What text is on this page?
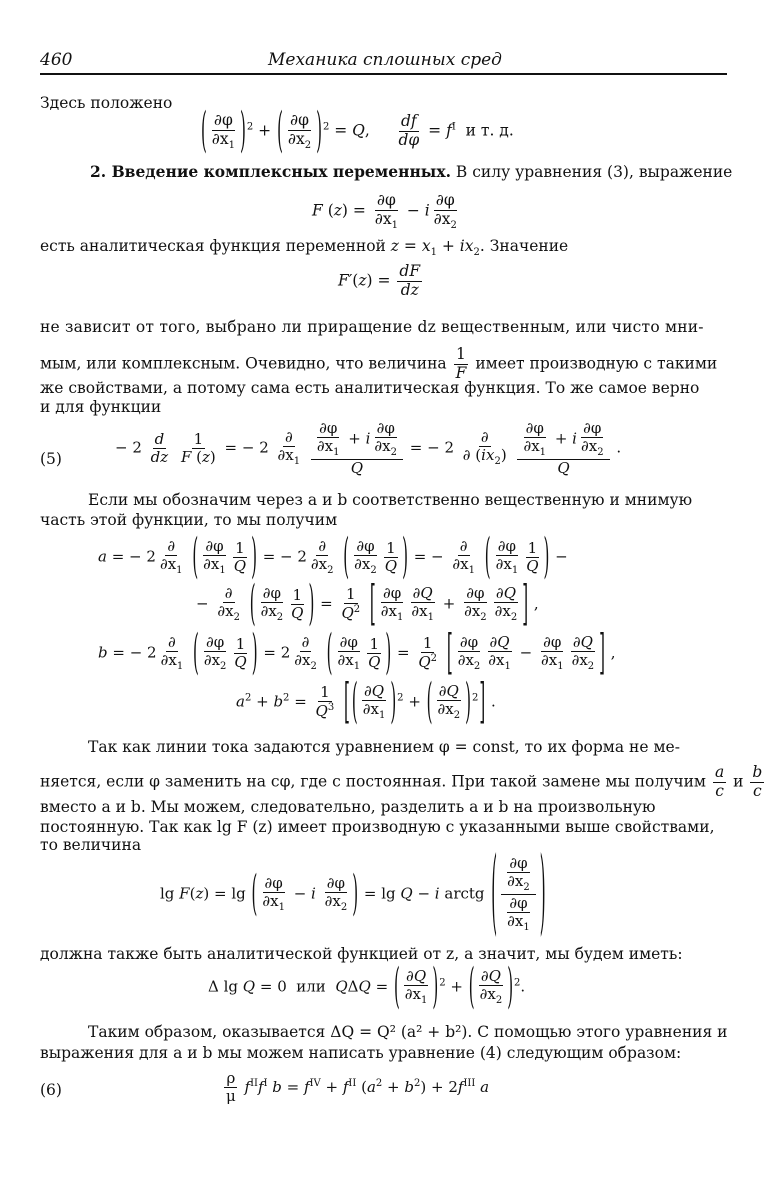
460	Механика сплошных сред
Здесь положено ( $\frac{\partial\varphi}{\partial x_1} )^2$ + ( $\frac{\partial\varphi}{\partial x_2} )^2 = Q$, $\frac{df}{d\varphi} = f^I$ и т. д.
2. Введение комплексных переменных. В силу уравнения (3), выражение
F $(z) = \frac{\partial\varphi}{\partial x_1} - i \frac{\partial\varphi}{\partial x_2}$
есть аналитическая функция переменной $z = x_1 + ix_2$. Значение
$F'(z) = \frac{dF}{dz}$
не зависит от того, выбрано ли приращение dz вещественным, или чисто мни-
мым, или комплексным. Очевидно, что величина $\frac{1}{F}$ имеет производную с такими
же свойствами, а потому сама есть аналитическая функция. То же самое верно
и для функции
(5)
− $2 \frac{d}{dz}$
$\frac{1}{F (z)}$ = − 2
∂
$\partial x_1$
$\frac{\frac{\partial\varphi}{\partial x_1} + i \frac{\partial\varphi}{\partial x_2}}{Q}$ = − 2
∂
∂ $(ix_2)$
$\frac{\frac{\partial\varphi}{\partial x_1} + i \frac{\partial\varphi}{\partial x_2}}{Q}$ .
Если мы обозначим через a и b соответственно вещественную и мнимую
часть этой функции, то мы получим
a = − 2
∂
$\partial x_1$ ( $\frac{\partial\varphi}{\partial x_1} \frac{1}{Q}$ ) = − 2
∂
$\partial x_2$ ( $\frac{\partial\varphi}{\partial x_2} \frac{1}{Q}$ ) = −
∂
$\partial x_1$ ( $\frac{\partial\varphi}{\partial x_1} \frac{1}{Q}$ ) −
−
∂
$\partial x_2$ ( $\frac{\partial\varphi}{\partial x_2} \frac{1}{Q}$ ) = $\frac{1}{Q^2}$ [ $\frac{\partial\varphi}{\partial x_1} \frac{\partial Q}{\partial x_1} + \frac{\partial\varphi}{\partial x_2} \frac{\partial Q}{\partial x_2}$ ] ,
b = − 2
∂
$\partial x_1$ ( $\frac{\partial\varphi}{\partial x_2} \frac{1}{Q}$ ) = 2
∂
$\partial x_2$ ( $\frac{\partial\varphi}{\partial x_1} \frac{1}{Q}$ ) = $\frac{1}{Q^2}$ [ $\frac{\partial\varphi}{\partial x_2} \frac{\partial Q}{\partial x_1} - \frac{\partial\varphi}{\partial x_1} \frac{\partial Q}{\partial x_2}$ ] ,
$a^2 + b^2 = \frac{1}{Q^3}$ [ ( $\frac{\partial Q}{\partial x_1} )^2$ + ( $\frac{\partial Q}{\partial x_2} )^2$] .
Так как линии тока задаются уравнением φ = const, то их форма не ме-
няется, если φ заменить на cφ, где c постоянная. При такой замене мы получим $\frac{a}{c}$ и $\frac{b}{c}$
вместо a и b. Мы можем, следовательно, разделить a и b на произвольную
постоянную. Так как lg F (z) имеет производную с указанными выше свойствами,
то величина
lg F(z) = lg ( $\frac{\partial\varphi}{\partial x_1} - i \frac{\partial\varphi}{\partial x_2}$ ) = lg Q − i arctg ( $\frac{\frac{\partial\varphi}{\partial x_2}}{\frac{\partial\varphi}{\partial x_1}}$ )
должна также быть аналитической функцией от z, а значит, мы будем иметь:
Δ lg Q = 0  или QΔQ = ( $\frac{\partial Q}{\partial x_1} )^2$ + ( $\frac{\partial Q}{\partial x_2} )^2$.
Таким образом, оказывается ΔQ = Q² (a² + b²). С помощью этого уравнения и
выражения для a и b мы можем написать уравнение (4) следующим образом:
(6)	$\frac{\rho}{\mu} f^{II}f^I$ $b = f^{IV} + f^{II}$ $(a^2 + b^2) + 2f^{III}$ a
